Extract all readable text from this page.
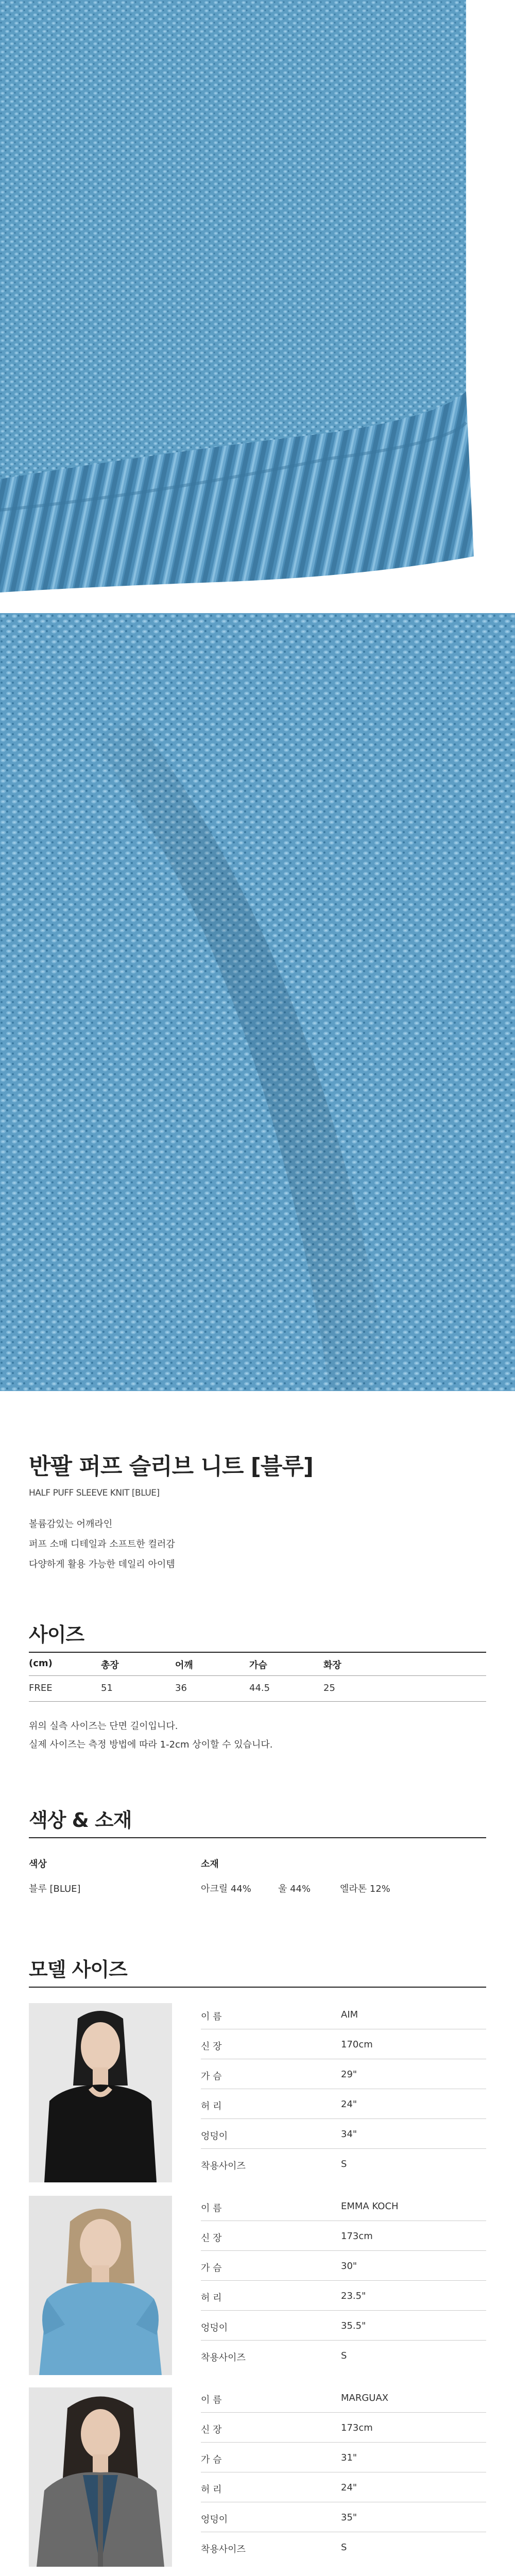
반팔 퍼프 슬리브 니트 [블루]
HALF PUFF SLEEVE KNIT [BLUE]

볼륨감있는 어깨라인

퍼프 소매 디테일과 소프트한 컬러감

다양하게 활용 가능한 데일리 아이템

사이즈
(cm)	총장	어깨	가슴	화장
FREE	51	36	44.5	25
위의 실측 사이즈는 단면 길이입니다.
실제 사이즈는 측정 방법에 따라 1-2cm 상이할 수 있습니다.
색상 & 소재
색상	소재
블루 [BLUE]	아크릴 44%	울 44%	엘라톤 12%
모델 사이즈
이 름	AIM
신 장	170cm
가 슴	29"
허 리	24"
엉덩이	34"
착용사이즈	S
이 름	EMMA KOCH
신 장	173cm
가 슴	30"
허 리	23.5"
엉덩이	35.5"
착용사이즈	S
이 름	MARGUAX
신 장	173cm
가 슴	31"
허 리	24"
엉덩이	35"
착용사이즈	S
